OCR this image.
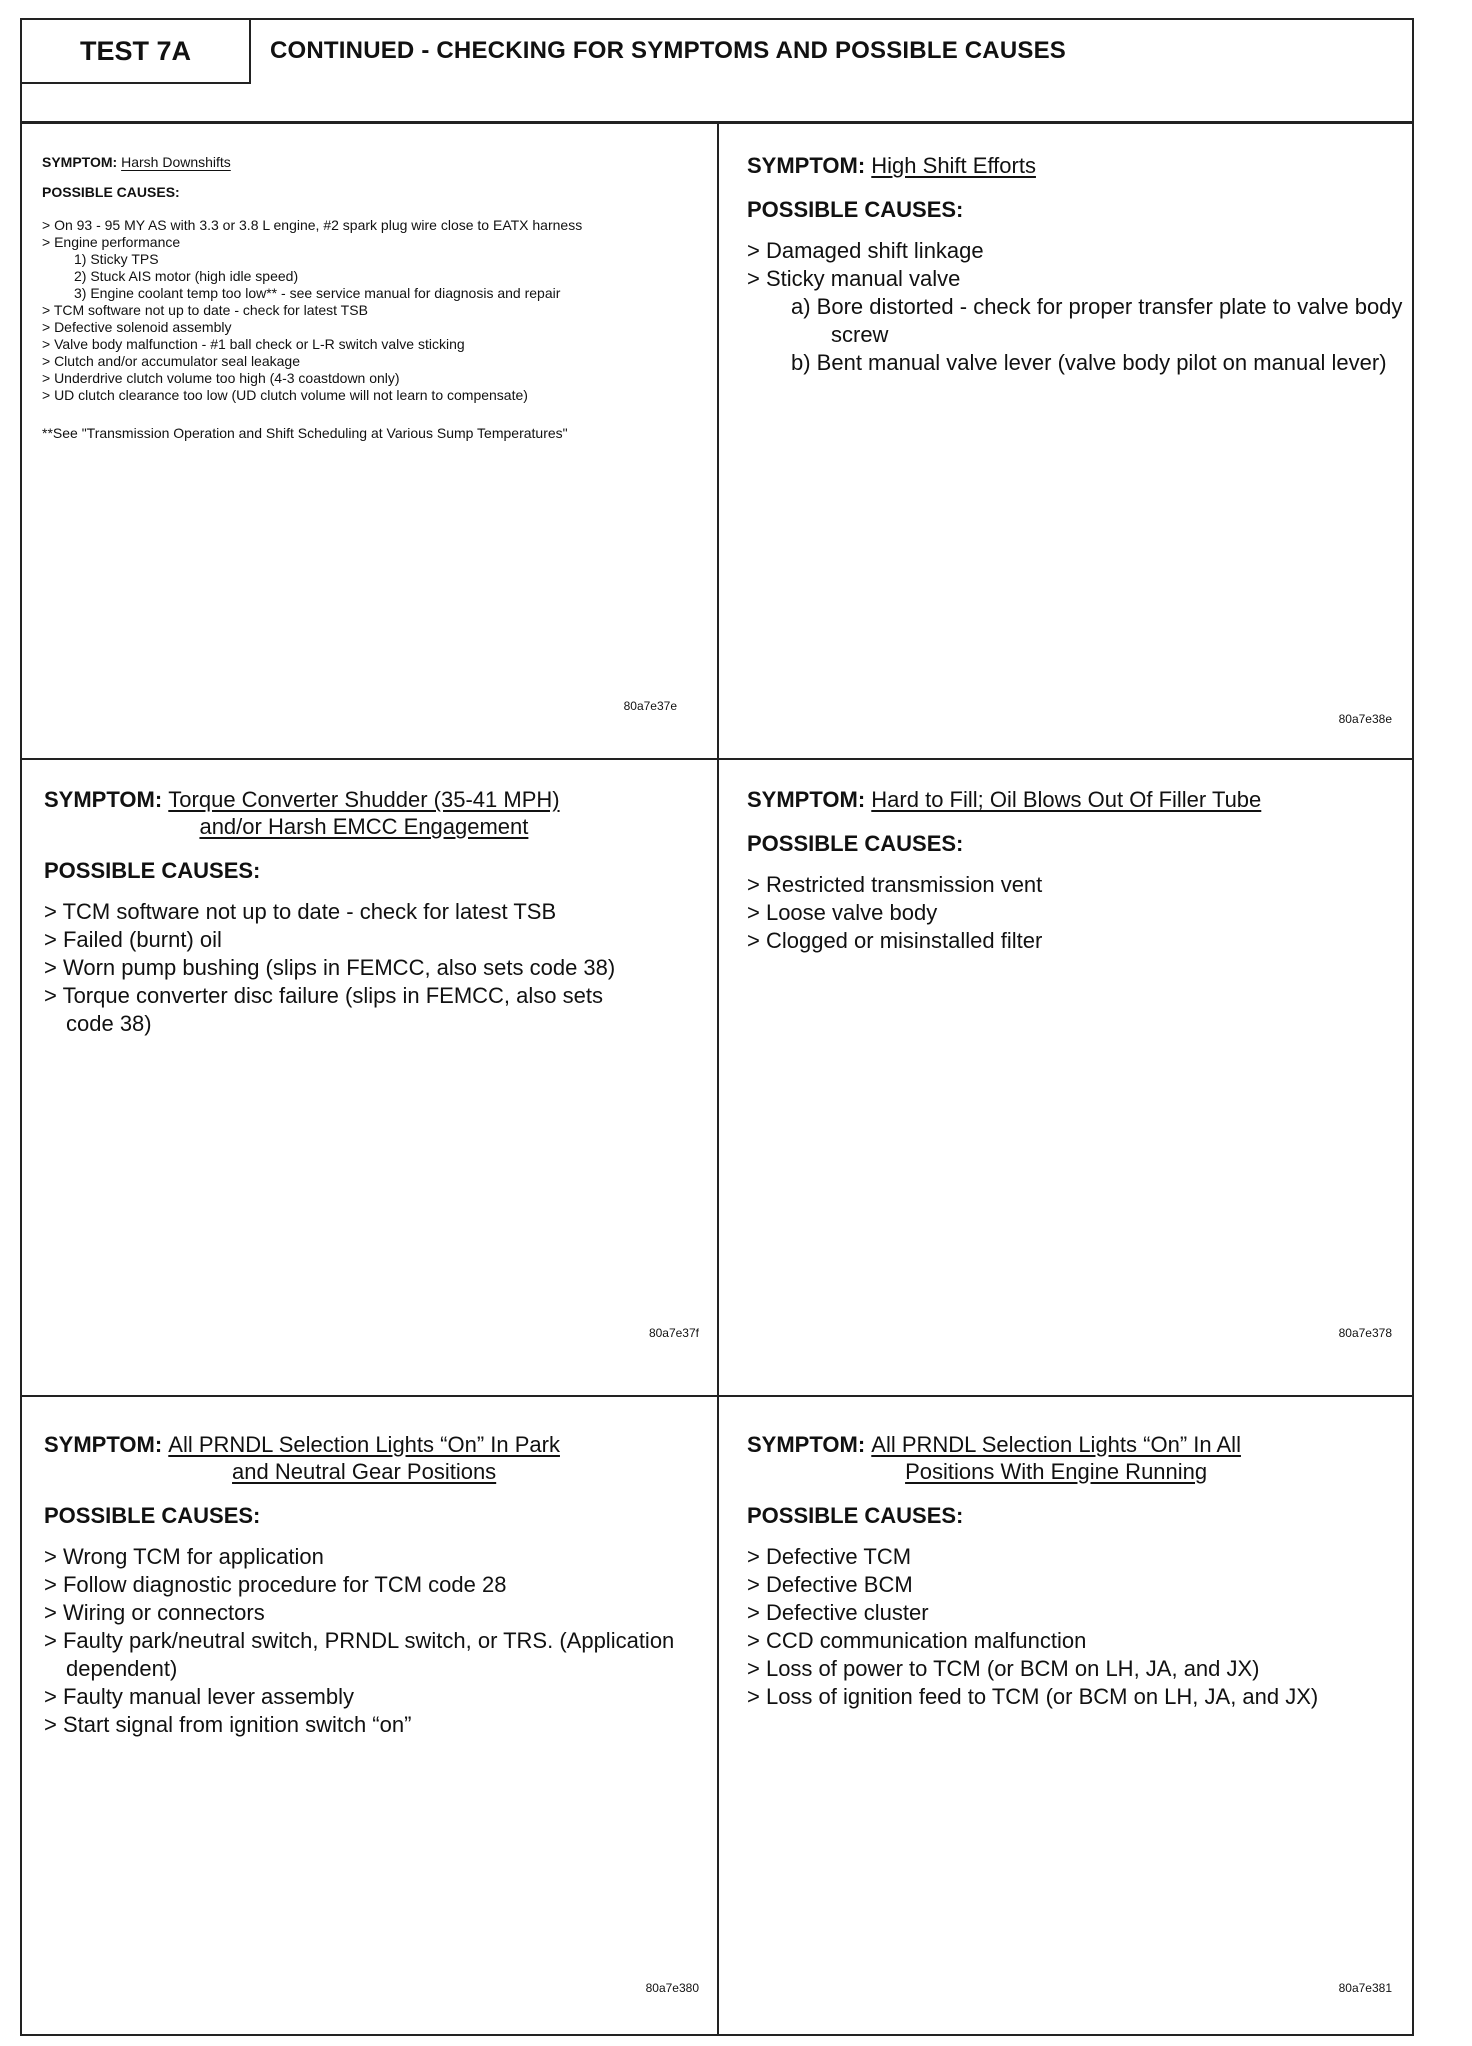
TEST 7A	CONTINUED - CHECKING FOR SYMPTOMS AND POSSIBLE CAUSES
SYMPTOM: Harsh Downshifts
POSSIBLE CAUSES:
> On 93 - 95 MY AS with 3.3 or 3.8 L engine, #2 spark plug wire close to EATX harness
> Engine performance
1) Sticky TPS
2) Stuck AIS motor (high idle speed)
3) Engine coolant temp too low** - see service manual for diagnosis and repair
> TCM software not up to date - check for latest TSB
> Defective solenoid assembly
> Valve body malfunction - #1 ball check or L-R switch valve sticking
> Clutch and/or accumulator seal leakage
> Underdrive clutch volume too high (4-3 coastdown only)
> UD clutch clearance too low (UD clutch volume will not learn to compensate)
**See "Transmission Operation and Shift Scheduling at Various Sump Temperatures"
80a7e37e
SYMPTOM: High Shift Efforts
POSSIBLE CAUSES:
> Damaged shift linkage
> Sticky manual valve
a) Bore distorted - check for proper transfer plate to valve body screw
b) Bent manual valve lever (valve body pilot on manual lever)
80a7e38e
SYMPTOM: Torque Converter Shudder (35-41 MPH)
and/or Harsh EMCC Engagement
POSSIBLE CAUSES:
> TCM software not up to date - check for latest TSB
> Failed (burnt) oil
> Worn pump bushing (slips in FEMCC, also sets code 38)
> Torque converter disc failure (slips in FEMCC, also sets code 38)
80a7e37f
SYMPTOM: Hard to Fill; Oil Blows Out Of Filler Tube
POSSIBLE CAUSES:
> Restricted transmission vent
> Loose valve body
> Clogged or misinstalled filter
80a7e378
SYMPTOM: All PRNDL Selection Lights “On” In Park
and Neutral Gear Positions
POSSIBLE CAUSES:
> Wrong TCM for application
> Follow diagnostic procedure for TCM code 28
> Wiring or connectors
> Faulty park/neutral switch, PRNDL switch, or TRS. (Application dependent)
> Faulty manual lever assembly
> Start signal from ignition switch “on”
80a7e380
SYMPTOM: All PRNDL Selection Lights “On” In All
Positions With Engine Running
POSSIBLE CAUSES:
> Defective TCM
> Defective BCM
> Defective cluster
> CCD communication malfunction
> Loss of power to TCM (or BCM on LH, JA, and JX)
> Loss of ignition feed to TCM (or BCM on LH, JA, and JX)
80a7e381
